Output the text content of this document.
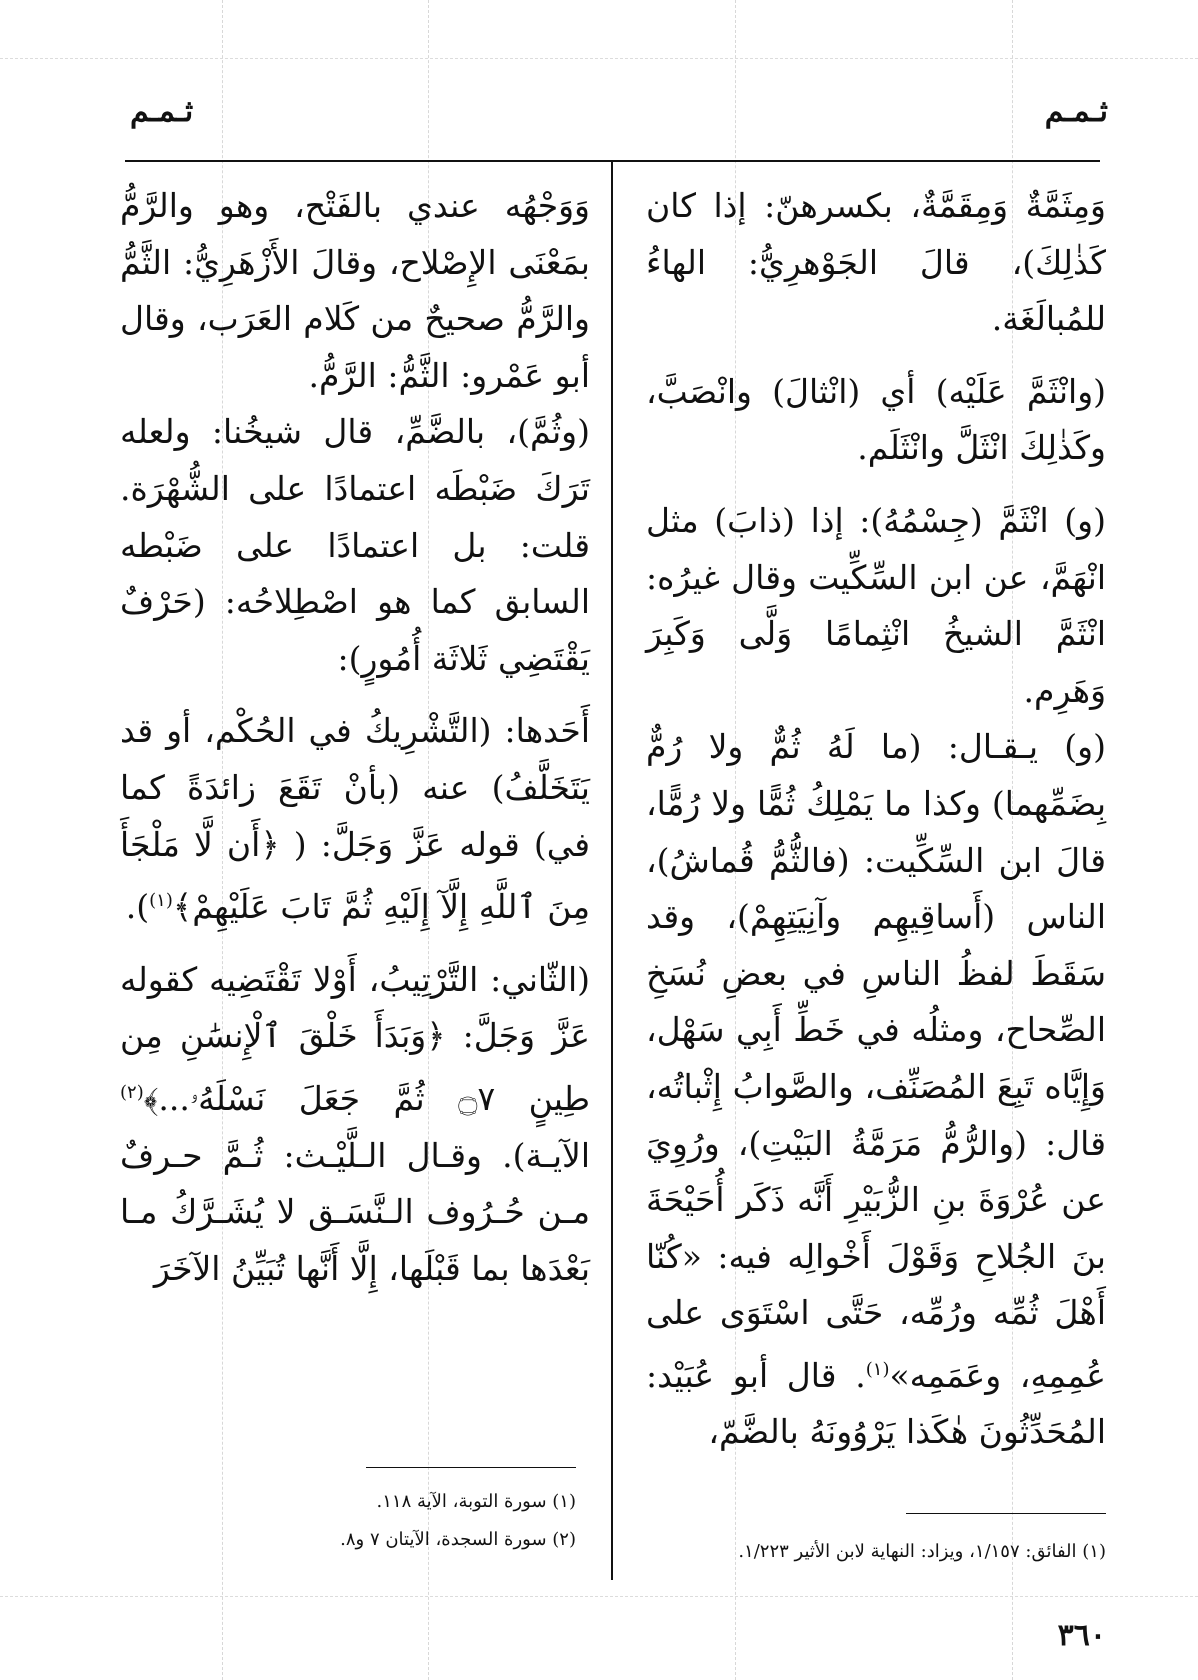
ثـمـم
ثـمـم

وَمِثَمَّةٌ وَمِقَمَّةٌ، بكسرهنّ: إذا كان كَذٰلِكَ)، قالَ الجَوْهرِيُّ: الهاءُ للمُبالَغَة.

(وانْثَمَّ عَلَيْه) أي (انْثالَ) وانْصَبَّ، وكَذٰلِكَ انْثَلَّ وانْثَلَم.

(و) انْثَمَّ (جِسْمُهُ): إذا (ذابَ) مثل انْهَمَّ، عن ابن السِّكِّيت وقال غيرُه: انْثَمَّ الشيخُ انْثِمامًا وَلَّى وَكَبِرَ وَهَرِم.

(و) يـقـال: (ما لَهُ ثُمٌّ ولا رُمٌّ بِضَمِّهما) وكذا ما يَمْلِكُ ثُمًّا ولا رُمًّا، قالَ ابن السِّكِّيت: (فالثُّمُّ قُماشُ)، الناس (أَساقِيهِم وآنِيَتِهِمْ)، وقد سَقَطَ لفظُ الناسِ في بعضِ نُسَخِ الصِّحاح، ومثلُه في خَطِّ أَبِي سَهْل، وَإِيَّاه تَبِعَ المُصَنِّف، والصَّوابُ إِثْباتُه، قال: (والرُّمُّ مَرَمَّةُ البَيْتِ)، ورُوِيَ عن عُرْوَةَ بنِ الزُّبَيْرِ أَنَّه ذَكَر أُحَيْحَةَ بنَ الجُلاحِ وَقَوْلَ أَخْوالِه فيه: «كُنّا أَهْلَ ثُمِّه ورُمِّه، حَتَّى اسْتَوَى على عُمِمِهِ، وعَمَمِه»$^{(١)}$. قال أبو عُبَيْد: المُحَدِّثُونَ هٰكَذا يَرْوُونَهُ بالضَّمّ،

وَوَجْهُه عندي بالفَتْح، وهو والرَّمُّ بمَعْنَى الإِصْلاح، وقالَ الأَزْهَرِيُّ: الثَّمُّ والرَّمُّ صحيحٌ من كَلام العَرَب، وقال أبو عَمْرو: الثَّمُّ: الرَّمُّ.

(وثُمَّ)، بالضَّمِّ، قال شيخُنا: ولعله تَرَكَ ضَبْطَه اعتمادًا على الشُّهْرَة. قلت: بل اعتمادًا على ضَبْطه السابق كما هو اصْطِلاحُه: (حَرْفٌ يَقْتَضِي ثَلاثَة أُمُورٍ):

أَحَدها: (التَّشْرِيكُ في الحُكْم، أو قد يَتَخَلَّفُ) عنه (بأنْ تَقَعَ زائدَةً كما في) قوله عَزَّ وَجَلَّ: ( ﴿أَن لَّا مَلْجَأَ مِنَ ٱللَّهِ إِلَّآ إِلَيْهِ ثُمَّ تَابَ عَلَيْهِمْ﴾$^{(١)}$).

(الثّاني: التَّرْتِيبُ، أَوْلا تَقْتَضِيه كقوله عَزَّ وَجَلَّ: ﴿وَبَدَأَ خَلْقَ ٱلْإِنسَٰنِ مِن طِينٍ ۝٧ ثُمَّ جَعَلَ نَسْلَهُۥ...﴾$^{(٢)}$ الآيـة). وقـال الـلَّيْـث: ثُـمَّ حـرفٌ مـن حُـرُوف الـنَّسَـق لا يُشَـرَّكُ مـا بَعْدَها بما قَبْلَها، إِلَّا أَنَّها تُبَيِّنُ الآخَرَ

(١) الفائق: ١/١٥٧، ويزاد: النهاية لابن الأثير ١/٢٢٣.
(١) سورة التوبة، الآية ١١٨.
(٢) سورة السجدة، الآيتان ٧ و٨.
٣٦٠
